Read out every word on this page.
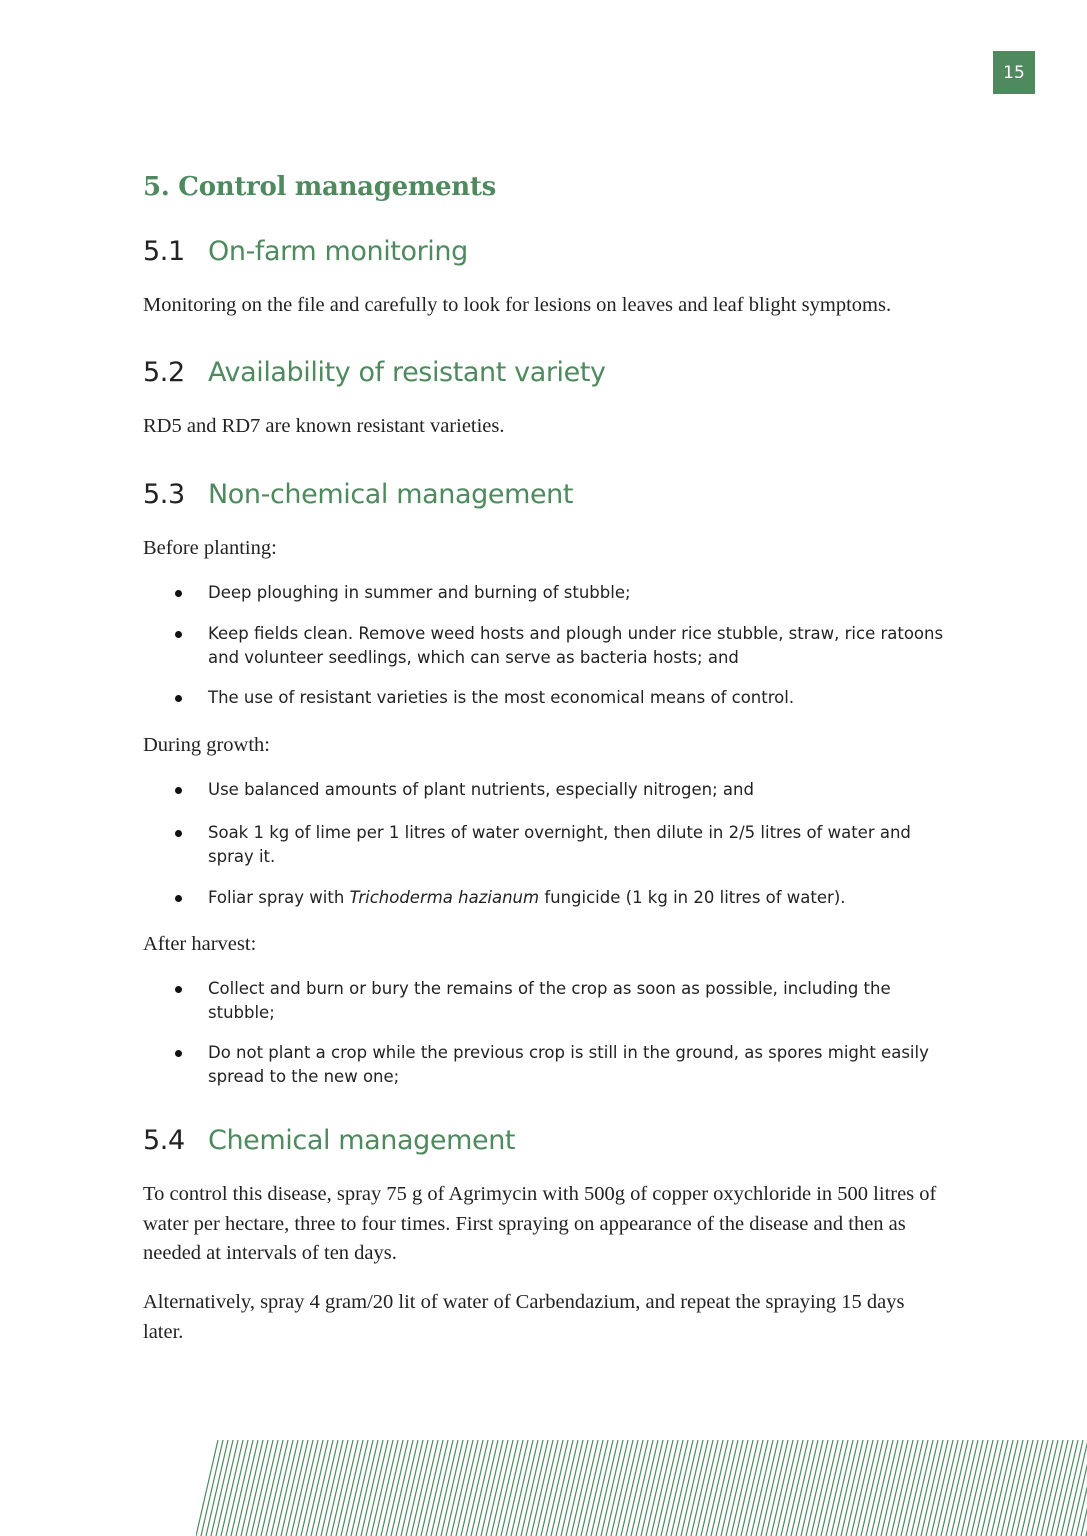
15
5. Control managements
5.1 On-farm monitoring

Monitoring on the file and carefully to look for lesions on leaves and leaf blight symptoms.

5.2 Availability of resistant variety

RD5 and RD7 are known resistant varieties.

5.3 Non-chemical management

Before planting:

Deep ploughing in summer and burning of stubble;
Keep fields clean. Remove weed hosts and plough under rice stubble, straw, rice ratoons and volunteer seedlings, which can serve as bacteria hosts; and
The use of resistant varieties is the most economical means of control.

During growth:

Use balanced amounts of plant nutrients, especially nitrogen; and
Soak 1 kg of lime per 1 litres of water overnight, then dilute in 2/5 litres of water and spray it.
Foliar spray with Trichoderma hazianum fungicide (1 kg in 20 litres of water).

After harvest:

Collect and burn or bury the remains of the crop as soon as possible, including the stubble;
Do not plant a crop while the previous crop is still in the ground, as spores might easily spread to the new one;
5.4 Chemical management

To control this disease, spray 75 g of Agrimycin with 500g of copper oxychloride in 500 litres of water per hectare, three to four times. First spraying on appearance of the disease and then as needed at intervals of ten days.

Alternatively, spray 4 gram/20 lit of water of Carbendazium, and repeat the spraying 15 days later.
